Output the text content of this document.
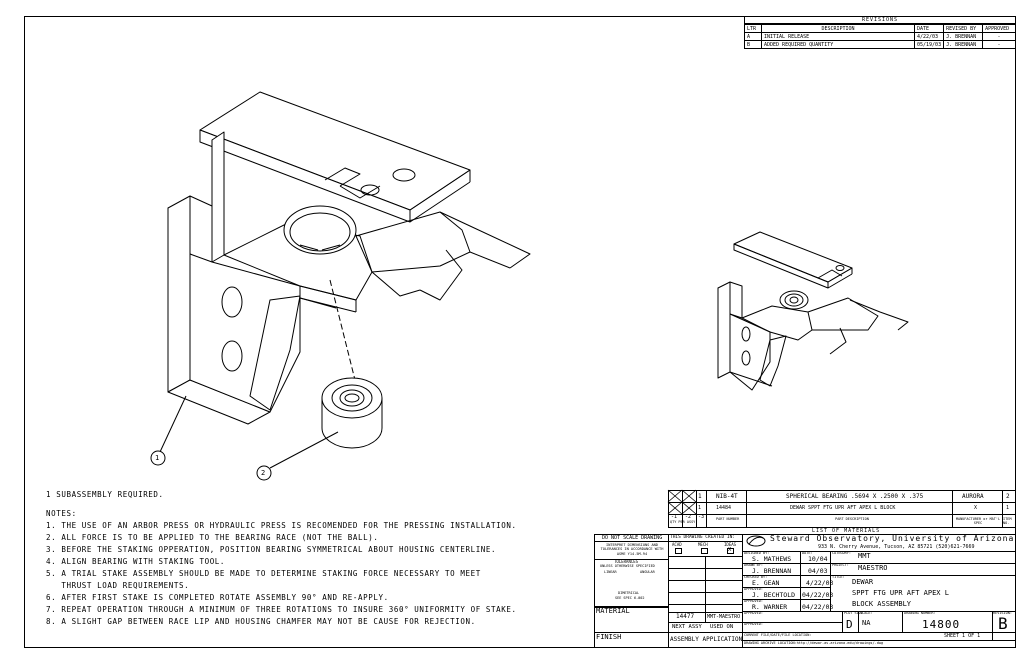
REVISIONS
LTR	DESCRIPTION	DATE	REVISED BY	APPROVED
A	INITIAL RELEASE	4/22/03	J. BRENNAN	-
B	ADDED REQUIRED QUANTITY	05/19/03	J. BRENNAN	-
1
2
1 SUBASSEMBLY REQUIRED.
NOTES:
1. THE USE OF AN ARBOR PRESS OR HYDRAULIC PRESS IS RECOMENDED FOR THE PRESSING INSTALLATION.
2. ALL FORCE IS TO BE APPLIED TO THE BEARING RACE (NOT THE BALL).
3. BEFORE THE STAKING OPPERATION, POSITION BEARING SYMMETRICAL ABOUT HOUSING CENTERLINE.
4. ALIGN BEARING WITH STAKING TOOL.
5. A TRIAL STAKE ASSEMBLY SHOULD BE MADE TO DETERMINE STAKING FORCE NECESSARY TO MEET
THRUST LOAD REQUIREMENTS.
6. AFTER FIRST STAKE IS COMPLETED ROTATE ASSEMBLY 90° AND RE-APPLY.
7. REPEAT OPERATION THROUGH A MINIMUM OF THREE ROTATIONS TO INSURE 360° UNIFORMITY OF STAKE.
8. A SLIGHT GAP BETWEEN RACE LIP AND HOUSING CHAMFER MAY NOT BE CAUSE FOR REJECTION.
1 NIB-4T	SPHERICAL BEARING .5694 X .2500 X .375	AURORA	2
1	14484	DEWAR SPPT FTG UPR AFT APEX L BLOCK	X	1
-1 -2 -3
QTY PER ASSY
PART NUMBER	PART DESCRIPTION	MANUFACTURER or MAT'L SPEC
ITEM NO.
LIST OF MATERIALS
DO NOT SCALE DRAWING
INTERPRET DIMENSIONS AND TOLERANCES IN ACCORDANCE WITH ASME Y14.5M-94
TOLERANCES
UNLESS OTHERWISE SPECIFIED
LINEAR	ANGULAR
DIMETRICAL
SEE SPEC 6-002
MATERIAL
FINISH
THIS DRAWING CREATED IN:
ACAD	MECH	IDEAS
X
14477	MMT-MAESTRO
NEXT ASSY USED ON
ASSEMBLY APPLICATION
Steward Observatory, University of Arizona
933 N. Cherry Avenue, Tucson, AZ 85721 (520)621-7669
DESIGNED BY:
S. MATHEWS
DATE:
10/04
CATEGORY: MMT
DRAWN BY:
J. BRENNAN	04/03
PROJECT: MAESTRO
CHECKED BY:
E. GEAN	4/22/03
TITLE:
DEWAR
SPPT FTG UPR AFT APEX L
BLOCK ASSEMBLY
APPROVED:
J. BECHTOLD 04/22/03
APPROVED:
R. WARNER 04/22/03
APPROVED:
APPROVED:
PLOT SIZE
D
SCALE:
NA
DRAWING NUMBER:
14800
REVISION:
B
SHEET 1 OF 1
CURRENT FILE/DATE/FILE LOCATION:
DRAWING ARCHIVE LOCATION:http://dewar.as.arizona.edu/drawings/.dwg
